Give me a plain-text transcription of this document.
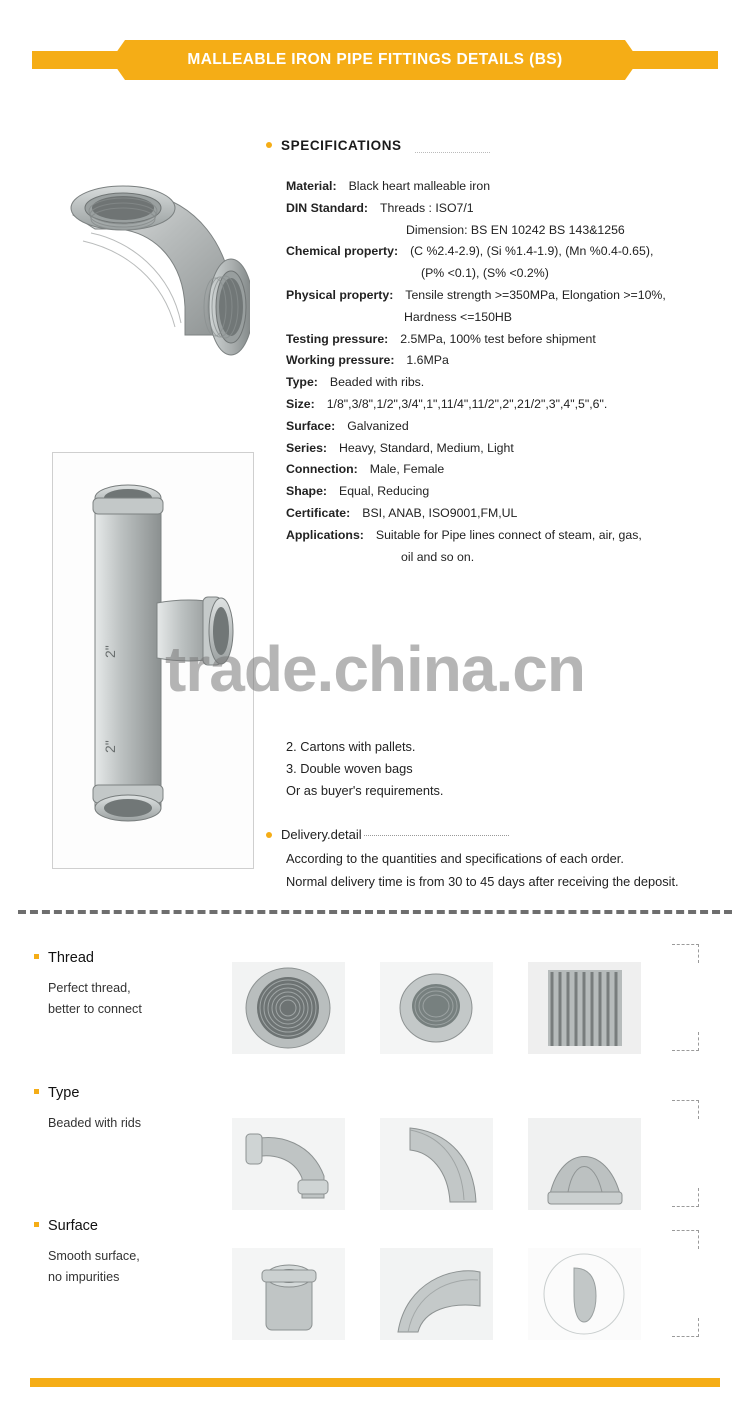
MALLEABLE IRON PIPE FITTINGS DETAILS (BS)
2"
2"
SPECIFICATIONS
Material: Black heart malleable iron
DIN Standard: Threads : ISO7/1
Dimension: BS EN 10242 BS 143&1256
Chemical property: (C %2.4-2.9), (Si %1.4-1.9), (Mn %0.4-0.65),
(P% <0.1), (S% <0.2%)
Physical property: Tensile strength >=350MPa, Elongation >=10%,
Hardness <=150HB
Testing pressure: 2.5MPa, 100% test before shipment
Working pressure: 1.6MPa
Type: Beaded with ribs.
Size: 1/8",3/8",1/2",3/4",1",11/4",11/2",2",21/2",3",4",5",6".
Surface: Galvanized
Series: Heavy, Standard, Medium, Light
Connection: Male, Female
Shape: Equal, Reducing
Certificate: BSI, ANAB, ISO9001,FM,UL
Applications: Suitable for Pipe lines connect of steam, air, gas,
oil and so on.
2. Cartons with pallets.
3. Double woven bags
Or as buyer's requirements.
Delivery.detail
According to the quantities and specifications of each order.
Normal delivery time is from 30 to 45 days after receiving the deposit.
trade.china.cn
Thread
Perfect thread,
better to connect
Type
Beaded with rids
Surface
Smooth surface,
no impurities
